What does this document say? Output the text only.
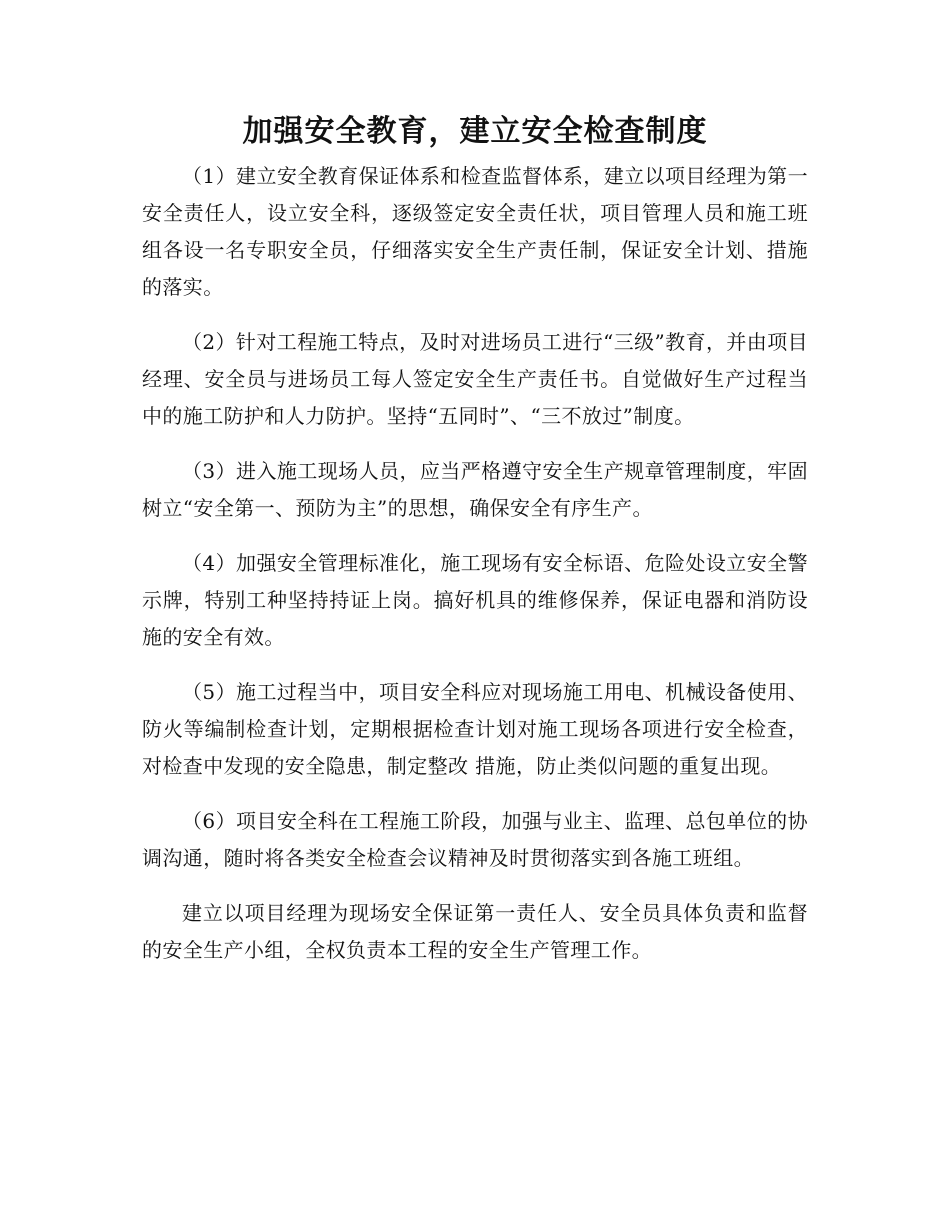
加强安全教育，建立安全检查制度

（1）建立安全教育保证体系和检查监督体系，建立以项目经理为第一安全责任人，设立安全科，逐级签定安全责任状，项目管理人员和施工班组各设一名专职安全员，仔细落实安全生产责任制，保证安全计划、措施的落实。

（2）针对工程施工特点，及时对进场员工进行“三级”教育，并由项目经理、安全员与进场员工每人签定安全生产责任书。自觉做好生产过程当中的施工防护和人力防护。坚持“五同时”、“三不放过”制度。

（3）进入施工现场人员，应当严格遵守安全生产规章管理制度，牢固树立“安全第一、预防为主”的思想，确保安全有序生产。

（4）加强安全管理标准化，施工现场有安全标语、危险处设立安全警示牌，特别工种坚持持证上岗。搞好机具的维修保养，保证电器和消防设施的安全有效。

（5）施工过程当中，项目安全科应对现场施工用电、机械设备使用、防火等编制检查计划，定期根据检查计划对施工现场各项进行安全检查，对检查中发现的安全隐患，制定整改 措施，防止类似问题的重复出现。

（6）项目安全科在工程施工阶段，加强与业主、监理、总包单位的协调沟通，随时将各类安全检查会议精神及时贯彻落实到各施工班组。

建立以项目经理为现场安全保证第一责任人、安全员具体负责和监督的安全生产小组，全权负责本工程的安全生产管理工作。
